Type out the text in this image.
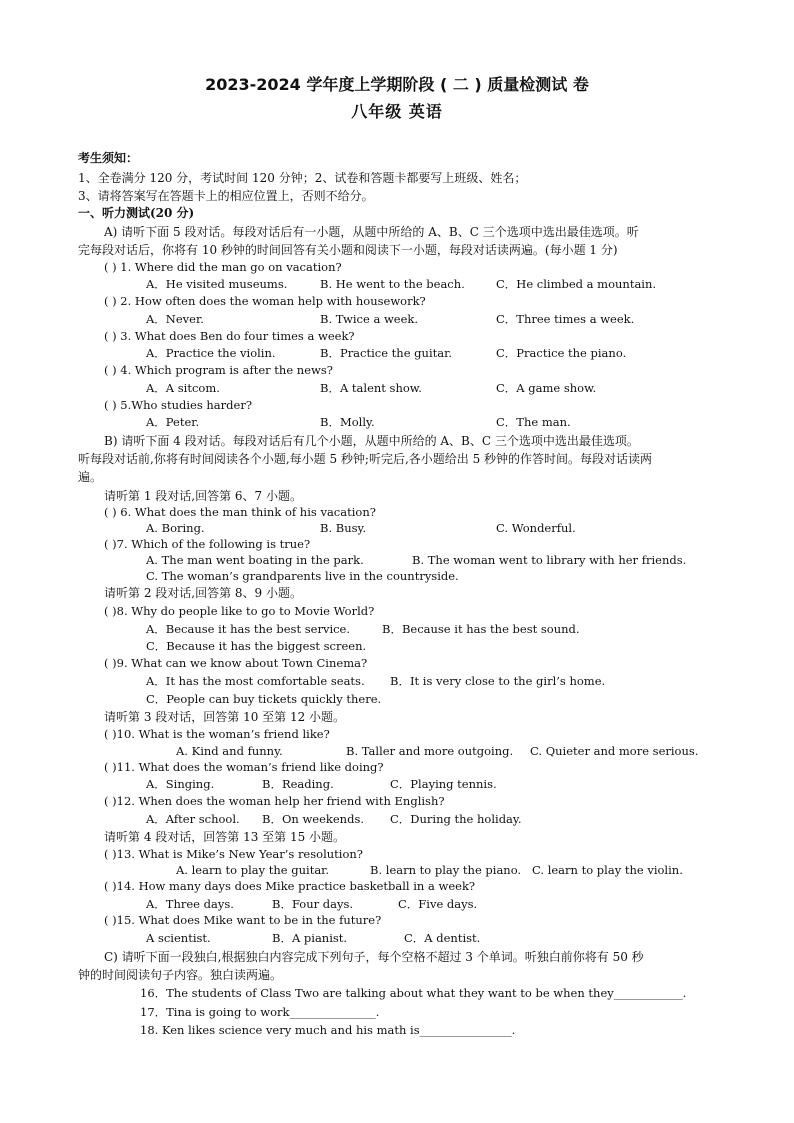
2023-2024 学年度上学期阶段 ( 二 ) 质量检测试 卷
八年级 英语
考生须知：
1、全卷满分 120 分，考试时间 120 分钟；2、试卷和答题卡都要写上班级、姓名；
3、请将答案写在答题卡上的相应位置上，否则不给分。
一、听力测试(20 分)
A) 请听下面 5 段对话。每段对话后有一小题，从题中所给的 A、B、C 三个选项中选出最佳选项。听
完每段对话后，你将有 10 秒钟的时间回答有关小题和阅读下一小题，每段对话读两遍。(每小题 1 分)
( ) 1. Where did the man go on vacation?
A．He visited museums.	B. He went to the beach.	C．He climbed a mountain.
( ) 2. How often does the woman help with housework?
A．Never.	B. Twice a week.	C．Three times a week.
( ) 3. What does Ben do four times a week?
A．Practice the violin.	B．Practice the guitar.	C．Practice the piano.
( ) 4. Which program is after the news?
A．A sitcom.	B．A talent show.	C．A game show.
( ) 5.Who studies harder?
A．Peter.	B．Molly.	C．The man.
B) 请听下面 4 段对话。每段对话后有几个小题，从题中所给的 A、B、C 三个选项中选出最佳选项。
听每段对话前,你将有时间阅读各个小题,每小题 5 秒钟;听完后,各小题给出 5 秒钟的作答时间。每段对话读两
遍。
请听第 1 段对话,回答第 6、7 小题。
( ) 6. What does the man think of his vacation?
A. Boring.	B. Busy.	C. Wonderful.
( )7. Which of the following is true?
A. The man went boating in the park.	B. The woman went to library with her friends.
C. The woman’s grandparents live in the countryside.
请听第 2 段对话,回答第 8、9 小题。
( )8. Why do people like to go to Movie World?
A．Because it has the best service.	B．Because it has the best sound.
C．Because it has the biggest screen.
( )9. What can we know about Town Cinema?
A．It has the most comfortable seats. B．It is very close to the girl’s home.
C．People can buy tickets quickly there.
请听第 3 段对话，回答第 10 至第 12 小题。
( )10. What is the woman’s friend like?
A. Kind and funny.	B. Taller and more outgoing. C. Quieter and more serious.
( )11. What does the woman’s friend like doing?
A．Singing.	B．Reading.	C．Playing tennis.
( )12. When does the woman help her friend with English?
A．After school. B．On weekends. C．During the holiday.
请听第 4 段对话，回答第 13 至第 15 小题。
( )13. What is Mike’s New Year’s resolution?
A. learn to play the guitar.	B. learn to play the piano. C. learn to play the violin.
( )14. How many days does Mike practice basketball in a week?
A．Three days.	B．Four days.	C．Five days.
( )15. What does Mike want to be in the future?
A scientist.	B．A pianist.	C．A dentist.
C) 请听下面一段独白,根据独白内容完成下列句子，每个空格不超过 3 个单词。听独白前你将有 50 秒
钟的时间阅读句子内容。独白读两遍。
16．The students of Class Two are talking about what they want to be when they____________.
17．Tina is going to work_______________.
18. Ken likes science very much and his math is________________.
